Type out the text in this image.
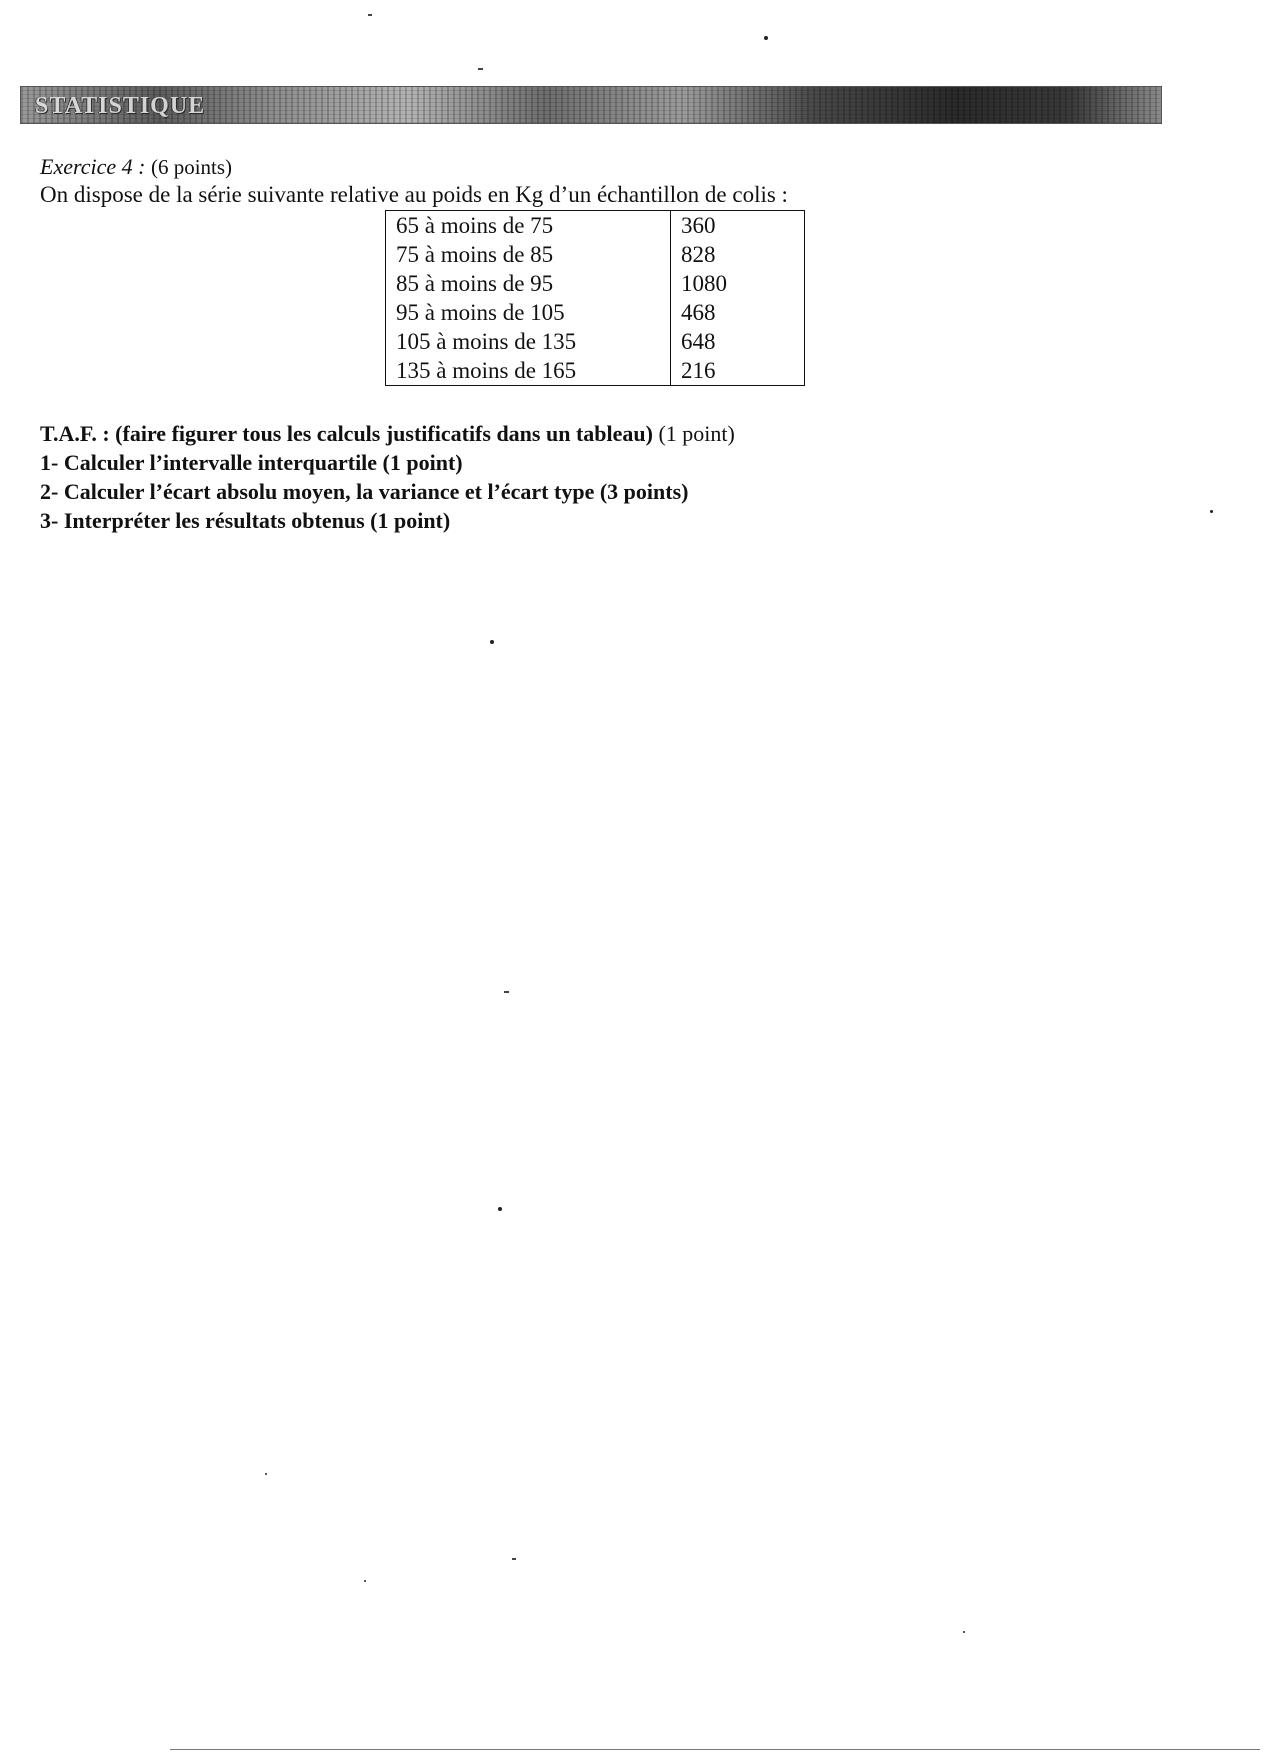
STATISTIQUE
Exercice 4 : (6 points)
On dispose de la série suivante relative au poids en Kg d’un échantillon de colis :
65 à moins de 75	360
75 à moins de 85	828
85 à moins de 95	1080
95 à moins de 105	468
105 à moins de 135	648
135 à moins de 165	216
T.A.F. : (faire figurer tous les calculs justificatifs dans un tableau) (1 point)
1- Calculer l’intervalle interquartile (1 point)
2- Calculer l’écart absolu moyen, la variance et l’écart type (3 points)
3- Interpréter les résultats obtenus (1 point)
